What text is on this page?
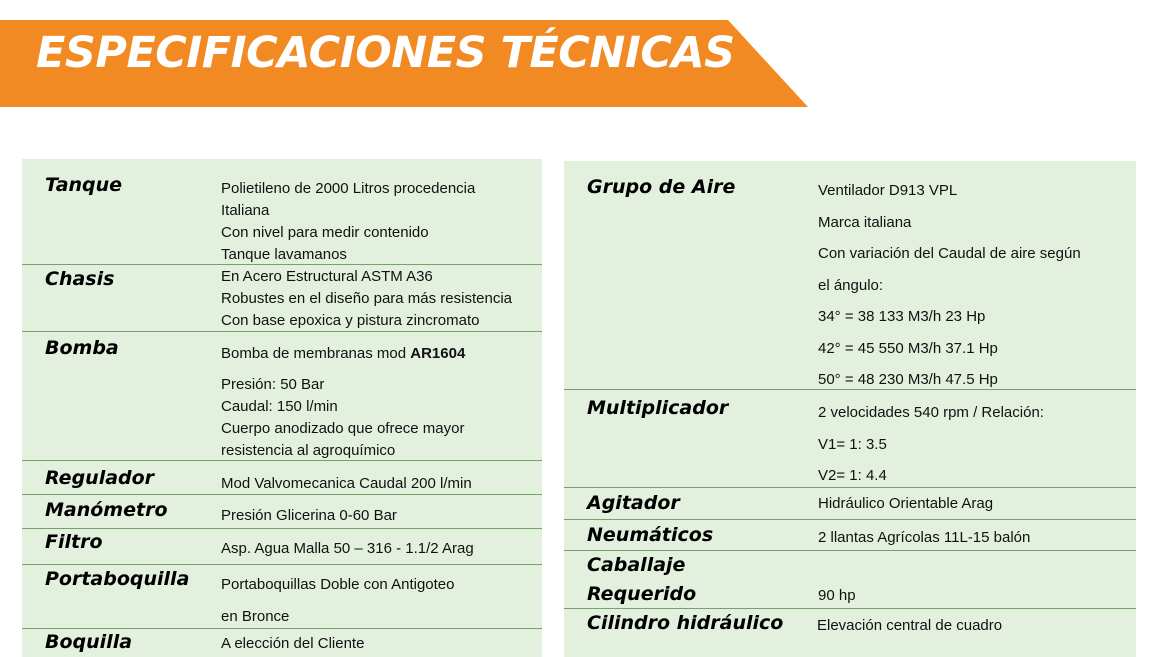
ESPECIFICACIONES TÉCNICAS
Tanque	Polietileno de 2000 Litros procedencia
Italiana
Con nivel para medir contenido
Tanque lavamanos
Chasis	En Acero Estructural ASTM A36
Robustes en el diseño para más resistencia
Con base epoxica y pistura zincromato
Bomba	Bomba de membranas mod AR1604
Presión: 50 Bar
Caudal: 150 l/min
Cuerpo anodizado que ofrece mayor
resistencia al agroquímico
Regulador	Mod Valvomecanica Caudal 200 l/min
Manómetro	Presión Glicerina 0-60 Bar
Filtro	Asp. Agua Malla 50 – 316 - 1.1/2 Arag
Portaboquilla Portaboquillas Doble con Antigoteo
en Bronce
Boquilla	A elección del Cliente
Grupo de Aire	Ventilador D913 VPL
Marca italiana
Con variación del Caudal de aire según
el ángulo:
34° = 38 133 M3/h 23 Hp
42° = 45 550 M3/h 37.1 Hp
50° = 48 230 M3/h 47.5 Hp
Multiplicador	2 velocidades 540 rpm / Relación:
V1= 1: 3.5
V2= 1: 4.4
Agitador	Hidráulico Orientable Arag
Neumáticos	2 llantas Agrícolas 11L-15 balón
Caballaje
Requerido	90 hp
Cilindro hidráulico Elevación central de cuadro
